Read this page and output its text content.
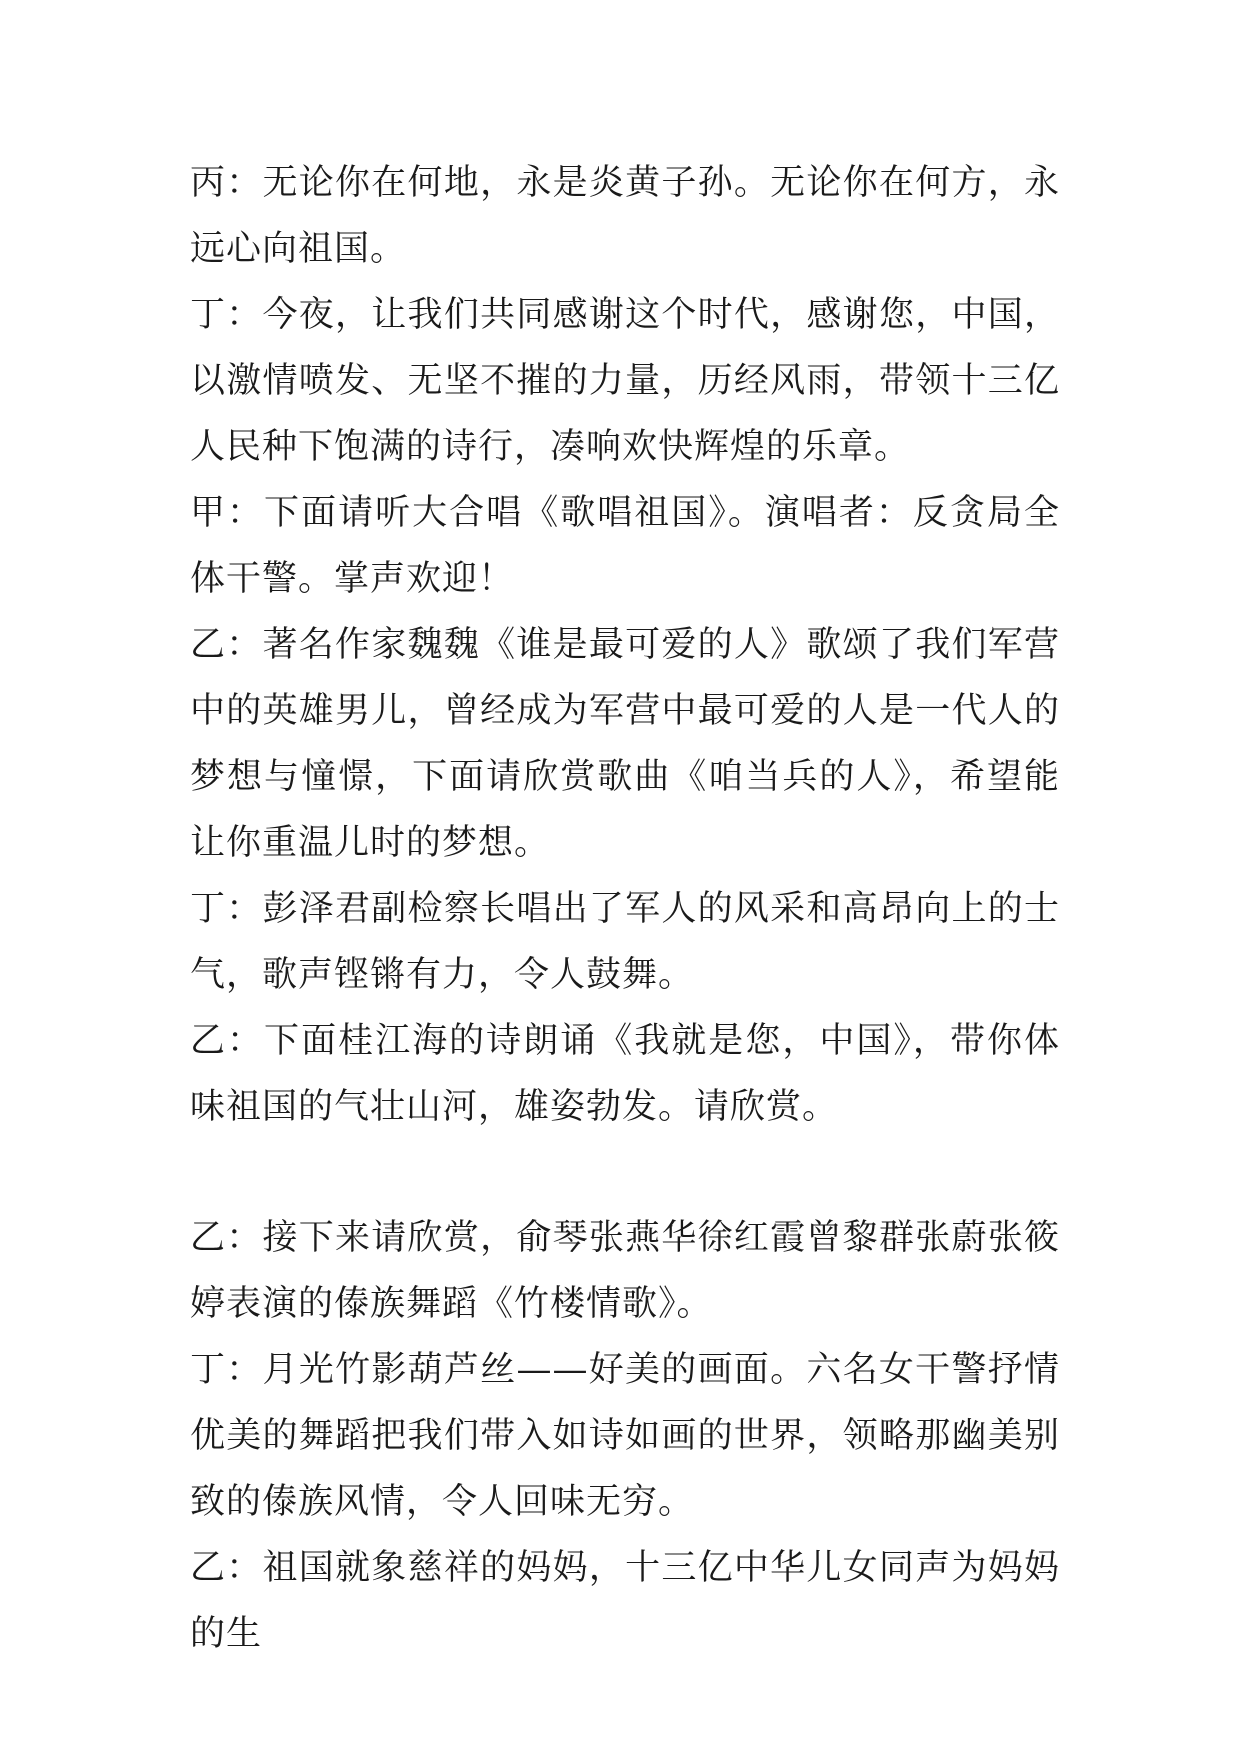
丙：无论你在何地，永是炎黄子孙。无论你在何方，永远心向祖国。

丁：今夜，让我们共同感谢这个时代，感谢您，中国，以激情喷发、无坚不摧的力量，历经风雨，带领十三亿人民种下饱满的诗行，凑响欢快辉煌的乐章。

甲：下面请听大合唱《歌唱祖国》。演唱者：反贪局全体干警。掌声欢迎！

乙：著名作家魏魏《谁是最可爱的人》歌颂了我们军营中的英雄男儿，曾经成为军营中最可爱的人是一代人的梦想与憧憬，下面请欣赏歌曲《咱当兵的人》，希望能让你重温儿时的梦想。

丁：彭泽君副检察长唱出了军人的风采和高昂向上的士气，歌声铿锵有力，令人鼓舞。

乙：下面桂江海的诗朗诵《我就是您，中国》，带你体味祖国的气壮山河，雄姿勃发。请欣赏。

乙：接下来请欣赏，俞琴张燕华徐红霞曾黎群张蔚张筱婷表演的傣族舞蹈《竹楼情歌》。

丁：月光竹影葫芦丝——好美的画面。六名女干警抒情优美的舞蹈把我们带入如诗如画的世界，领略那幽美别致的傣族风情，令人回味无穷。

乙：祖国就象慈祥的妈妈，十三亿中华儿女同声为妈妈的生
